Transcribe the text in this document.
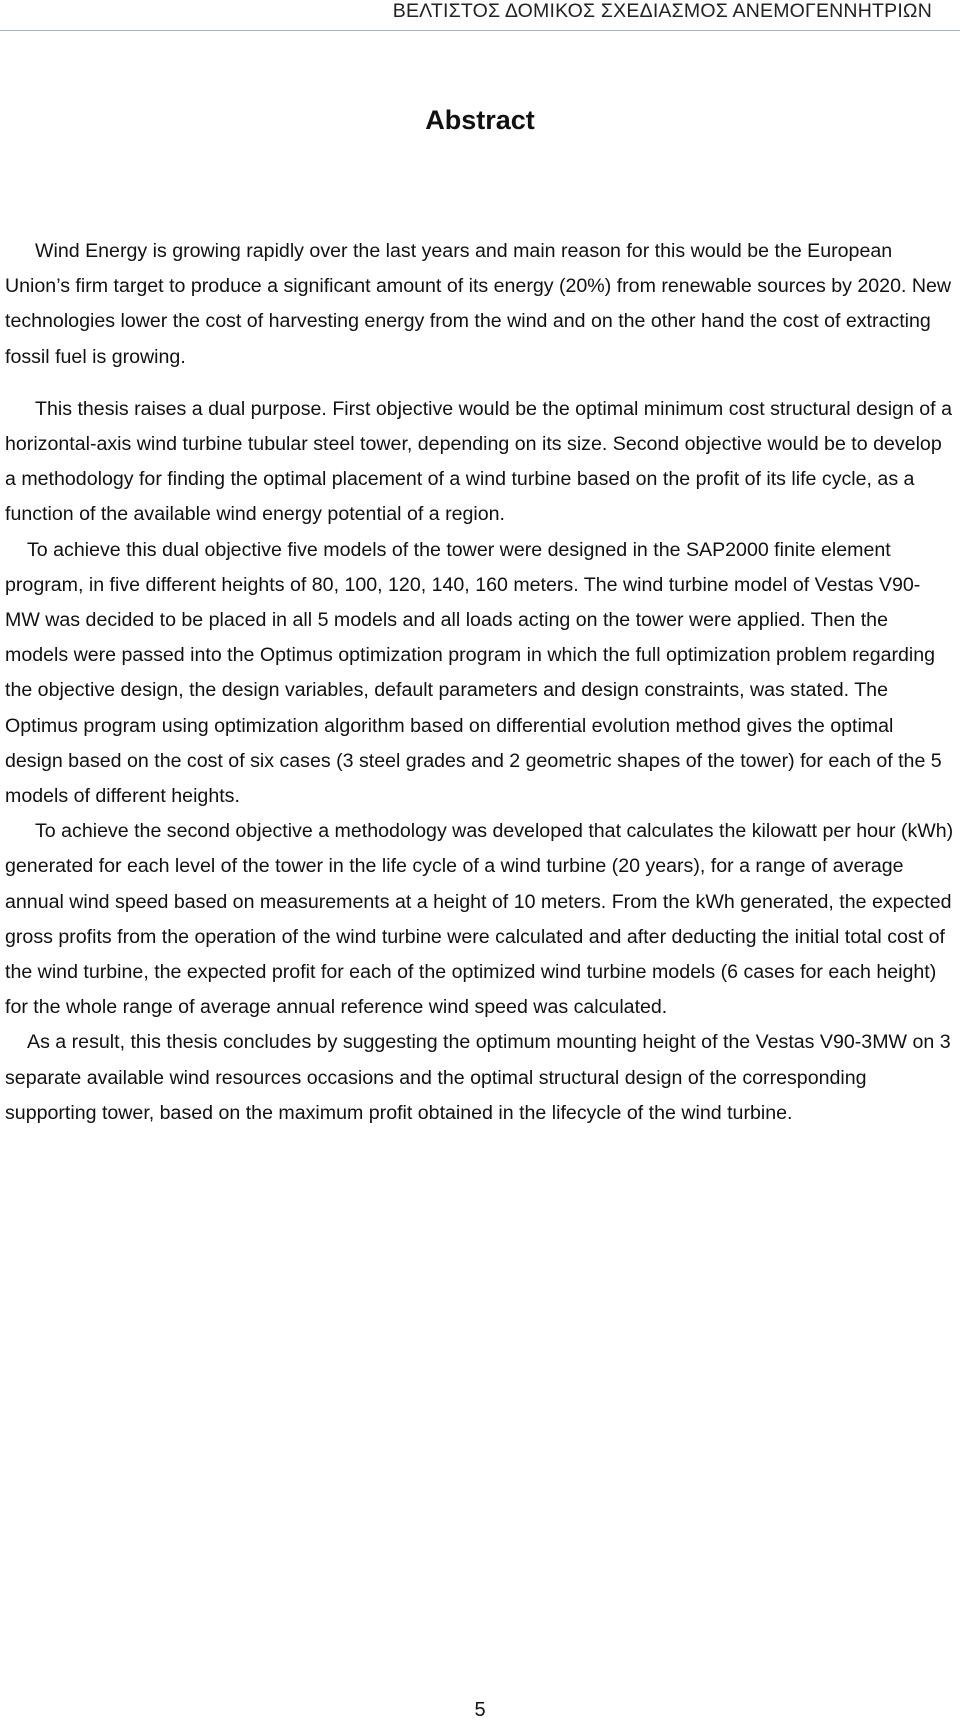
ΒΕΛΤΙΣΤΟΣ ΔΟΜΙΚΟΣ ΣΧΕΔΙΑΣΜΟΣ ΑΝΕΜΟΓΕΝΝΗΤΡΙΩΝ
Abstract

Wind Energy is growing rapidly over the last years and main reason for this would be the European Union’s firm target to produce a significant amount of its energy (20%) from renewable sources by 2020. New technologies lower the cost of harvesting energy from the wind and on the other hand the cost of extracting fossil fuel is growing.

This thesis raises a dual purpose. First objective would be the optimal minimum cost structural design of a horizontal-axis wind turbine tubular steel tower, depending on its size. Second objective would be to develop a methodology for finding the optimal placement of a wind turbine based on the profit of its life cycle, as a function of the available wind energy potential of a region.

To achieve this dual objective five models of the tower were designed in the SAP2000 finite element program, in five different heights of 80, 100, 120, 140, 160 meters. The wind turbine model of Vestas V90-MW was decided to be placed in all 5 models and all loads acting on the tower were applied. Then the models were passed into the Optimus optimization program in which the full optimization problem regarding the objective design, the design variables, default parameters and design constraints, was stated. The Optimus program using optimization algorithm based on differential evolution method gives the optimal design based on the cost of six cases (3 steel grades and 2 geometric shapes of the tower) for each of the 5 models of different heights.

To achieve the second objective a methodology was developed that calculates the kilowatt per hour (kWh) generated for each level of the tower in the life cycle of a wind turbine (20 years), for a range of average annual wind speed based on measurements at a height of 10 meters. From the kWh generated, the expected gross profits from the operation of the wind turbine were calculated and after deducting the initial total cost of the wind turbine, the expected profit for each of the optimized wind turbine models (6 cases for each height) for the whole range of average annual reference wind speed was calculated.

As a result, this thesis concludes by suggesting the optimum mounting height of the Vestas V90-3MW on 3 separate available wind resources occasions and the optimal structural design of the corresponding supporting tower, based on the maximum profit obtained in the lifecycle of the wind turbine.

5
